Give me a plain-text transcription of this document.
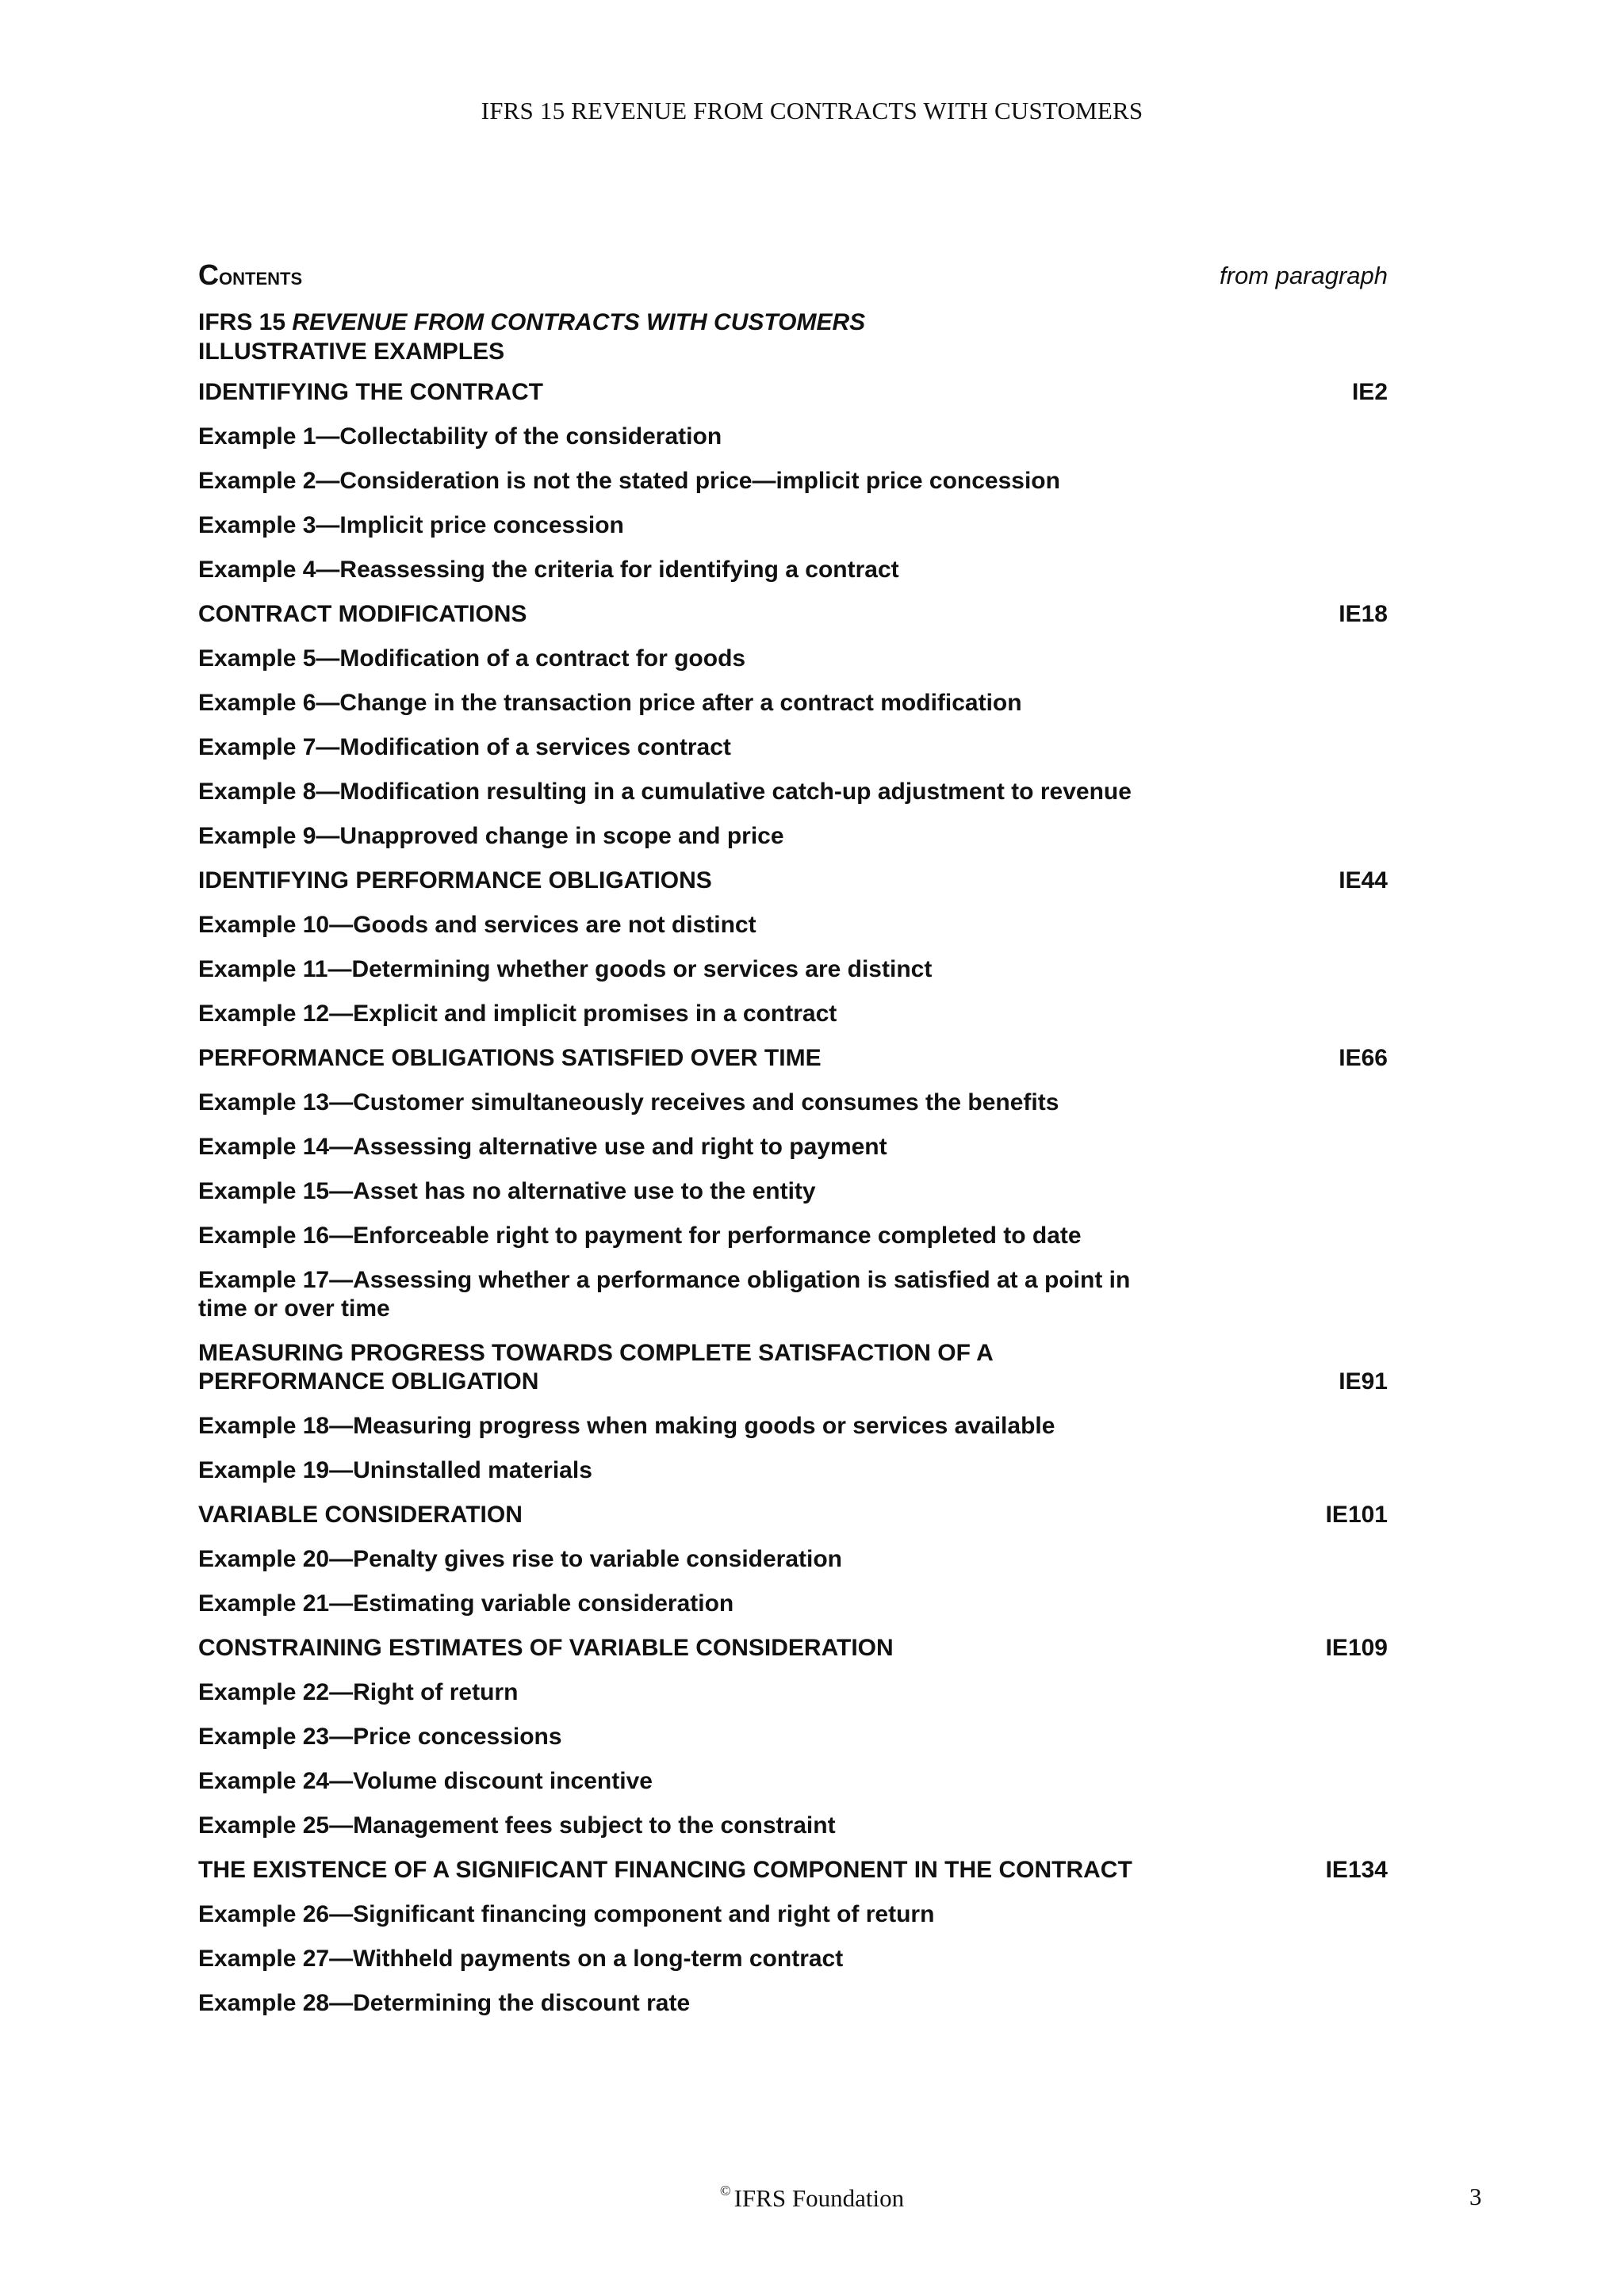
IFRS 15 REVENUE FROM CONTRACTS WITH CUSTOMERS
Contents	from paragraph
IFRS 15 REVENUE FROM CONTRACTS WITH CUSTOMERS
ILLUSTRATIVE EXAMPLES
IDENTIFYING THE CONTRACT	IE2
Example 1—Collectability of the consideration
Example 2—Consideration is not the stated price—implicit price concession
Example 3—Implicit price concession
Example 4—Reassessing the criteria for identifying a contract
CONTRACT MODIFICATIONS	IE18
Example 5—Modification of a contract for goods
Example 6—Change in the transaction price after a contract modification
Example 7—Modification of a services contract
Example 8—Modification resulting in a cumulative catch-up adjustment to revenue
Example 9—Unapproved change in scope and price
IDENTIFYING PERFORMANCE OBLIGATIONS	IE44
Example 10—Goods and services are not distinct
Example 11—Determining whether goods or services are distinct
Example 12—Explicit and implicit promises in a contract
PERFORMANCE OBLIGATIONS SATISFIED OVER TIME	IE66
Example 13—Customer simultaneously receives and consumes the benefits
Example 14—Assessing alternative use and right to payment
Example 15—Asset has no alternative use to the entity
Example 16—Enforceable right to payment for performance completed to date
Example 17—Assessing whether a performance obligation is satisfied at a point in time or over time
MEASURING PROGRESS TOWARDS COMPLETE SATISFACTION OF A PERFORMANCE OBLIGATION	IE91
Example 18—Measuring progress when making goods or services available
Example 19—Uninstalled materials
VARIABLE CONSIDERATION	IE101
Example 20—Penalty gives rise to variable consideration
Example 21—Estimating variable consideration
CONSTRAINING ESTIMATES OF VARIABLE CONSIDERATION	IE109
Example 22—Right of return
Example 23—Price concessions
Example 24—Volume discount incentive
Example 25—Management fees subject to the constraint
THE EXISTENCE OF A SIGNIFICANT FINANCING COMPONENT IN THE CONTRACT	IE134
Example 26—Significant financing component and right of return
Example 27—Withheld payments on a long-term contract
Example 28—Determining the discount rate
© IFRS Foundation	3
